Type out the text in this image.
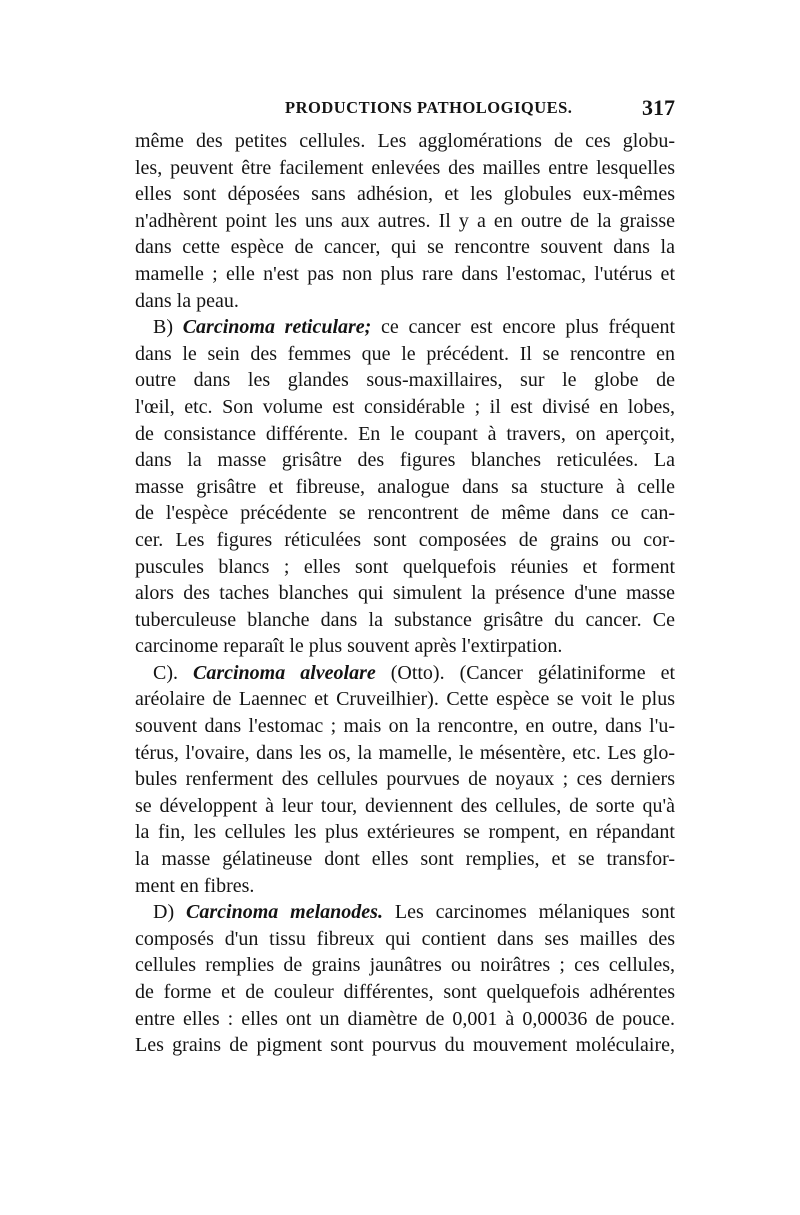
PRODUCTIONS PATHOLOGIQUES.	317
même des petites cellules. Les agglomérations de ces globu-
les, peuvent être facilement enlevées des mailles entre lesquelles
elles sont déposées sans adhésion, et les globules eux-mêmes
n'adhèrent point les uns aux autres. Il y a en outre de la graisse
dans cette espèce de cancer, qui se rencontre souvent dans la
mamelle ; elle n'est pas non plus rare dans l'estomac, l'utérus et
dans la peau.
B) Carcinoma reticulare; ce cancer est encore plus fréquent
dans le sein des femmes que le précédent. Il se rencontre en
outre dans les glandes sous-maxillaires, sur le globe de
l'œil, etc. Son volume est considérable ; il est divisé en lobes,
de consistance différente. En le coupant à travers, on aperçoit,
dans la masse grisâtre des figures blanches reticulées. La
masse grisâtre et fibreuse, analogue dans sa stucture à celle
de l'espèce précédente se rencontrent de même dans ce can-
cer. Les figures réticulées sont composées de grains ou cor-
puscules blancs ; elles sont quelquefois réunies et forment
alors des taches blanches qui simulent la présence d'une masse
tuberculeuse blanche dans la substance grisâtre du cancer. Ce
carcinome reparaît le plus souvent après l'extirpation.
C). Carcinoma alveolare (Otto). (Cancer gélatiniforme et
aréolaire de Laennec et Cruveilhier). Cette espèce se voit le plus
souvent dans l'estomac ; mais on la rencontre, en outre, dans l'u-
térus, l'ovaire, dans les os, la mamelle, le mésentère, etc. Les glo-
bules renferment des cellules pourvues de noyaux ; ces derniers
se développent à leur tour, deviennent des cellules, de sorte qu'à
la fin, les cellules les plus extérieures se rompent, en répandant
la masse gélatineuse dont elles sont remplies, et se transfor-
ment en fibres.
D) Carcinoma melanodes. Les carcinomes mélaniques sont
composés d'un tissu fibreux qui contient dans ses mailles des
cellules remplies de grains jaunâtres ou noirâtres ; ces cellules,
de forme et de couleur différentes, sont quelquefois adhérentes
entre elles : elles ont un diamètre de 0,001 à 0,00036 de pouce.
Les grains de pigment sont pourvus du mouvement moléculaire,
